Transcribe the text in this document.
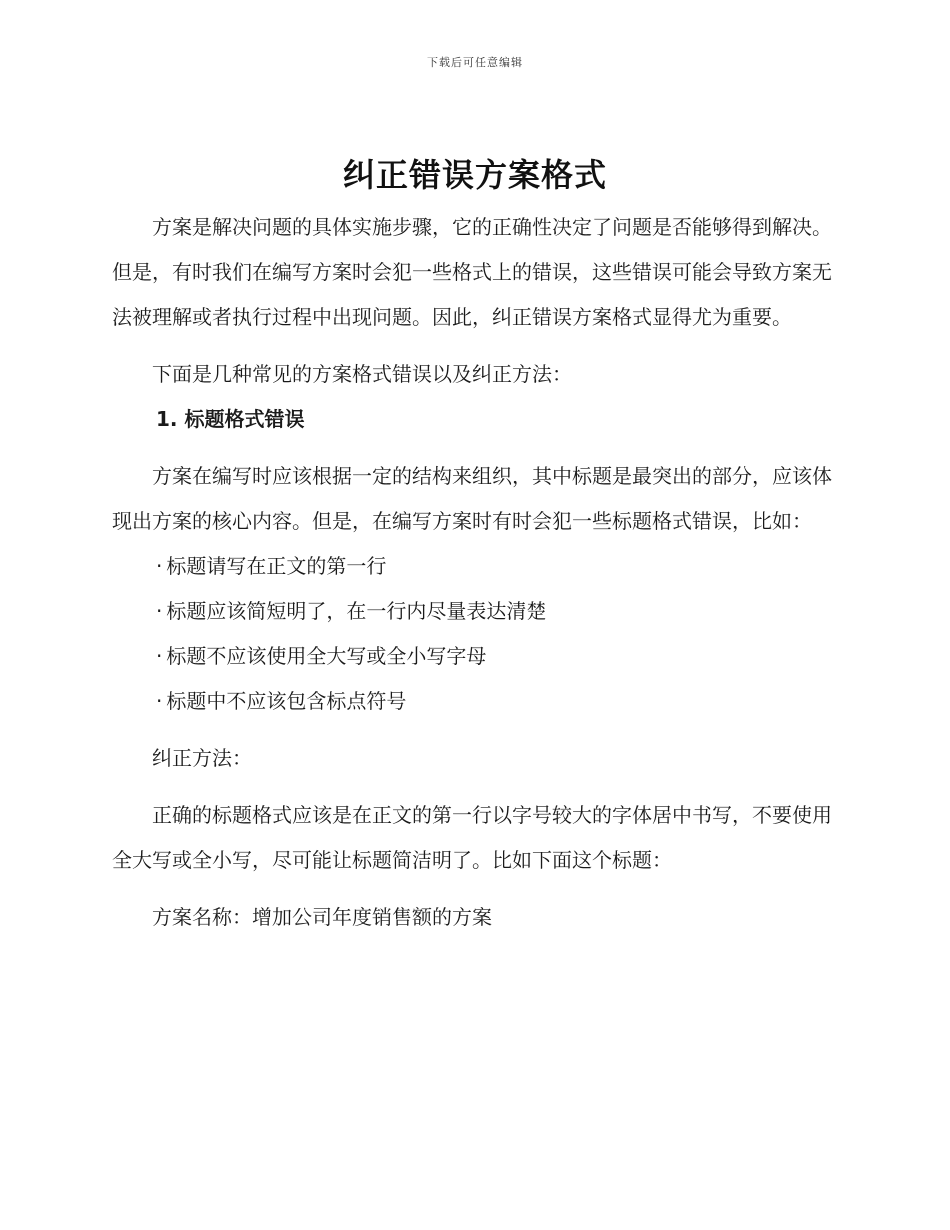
下载后可任意编辑
纠正错误方案格式

方案是解决问题的具体实施步骤，它的正确性决定了问题是否能够得到解决。但是，有时我们在编写方案时会犯一些格式上的错误，这些错误可能会导致方案无法被理解或者执行过程中出现问题。因此，纠正错误方案格式显得尤为重要。

下面是几种常见的方案格式错误以及纠正方法：

1. 标题格式错误

方案在编写时应该根据一定的结构来组织，其中标题是最突出的部分，应该体现出方案的核心内容。但是，在编写方案时有时会犯一些标题格式错误，比如：

· 标题请写在正文的第一行

· 标题应该简短明了，在一行内尽量表达清楚

· 标题不应该使用全大写或全小写字母

· 标题中不应该包含标点符号

纠正方法：

正确的标题格式应该是在正文的第一行以字号较大的字体居中书写，不要使用全大写或全小写，尽可能让标题简洁明了。比如下面这个标题：

方案名称：增加公司年度销售额的方案
